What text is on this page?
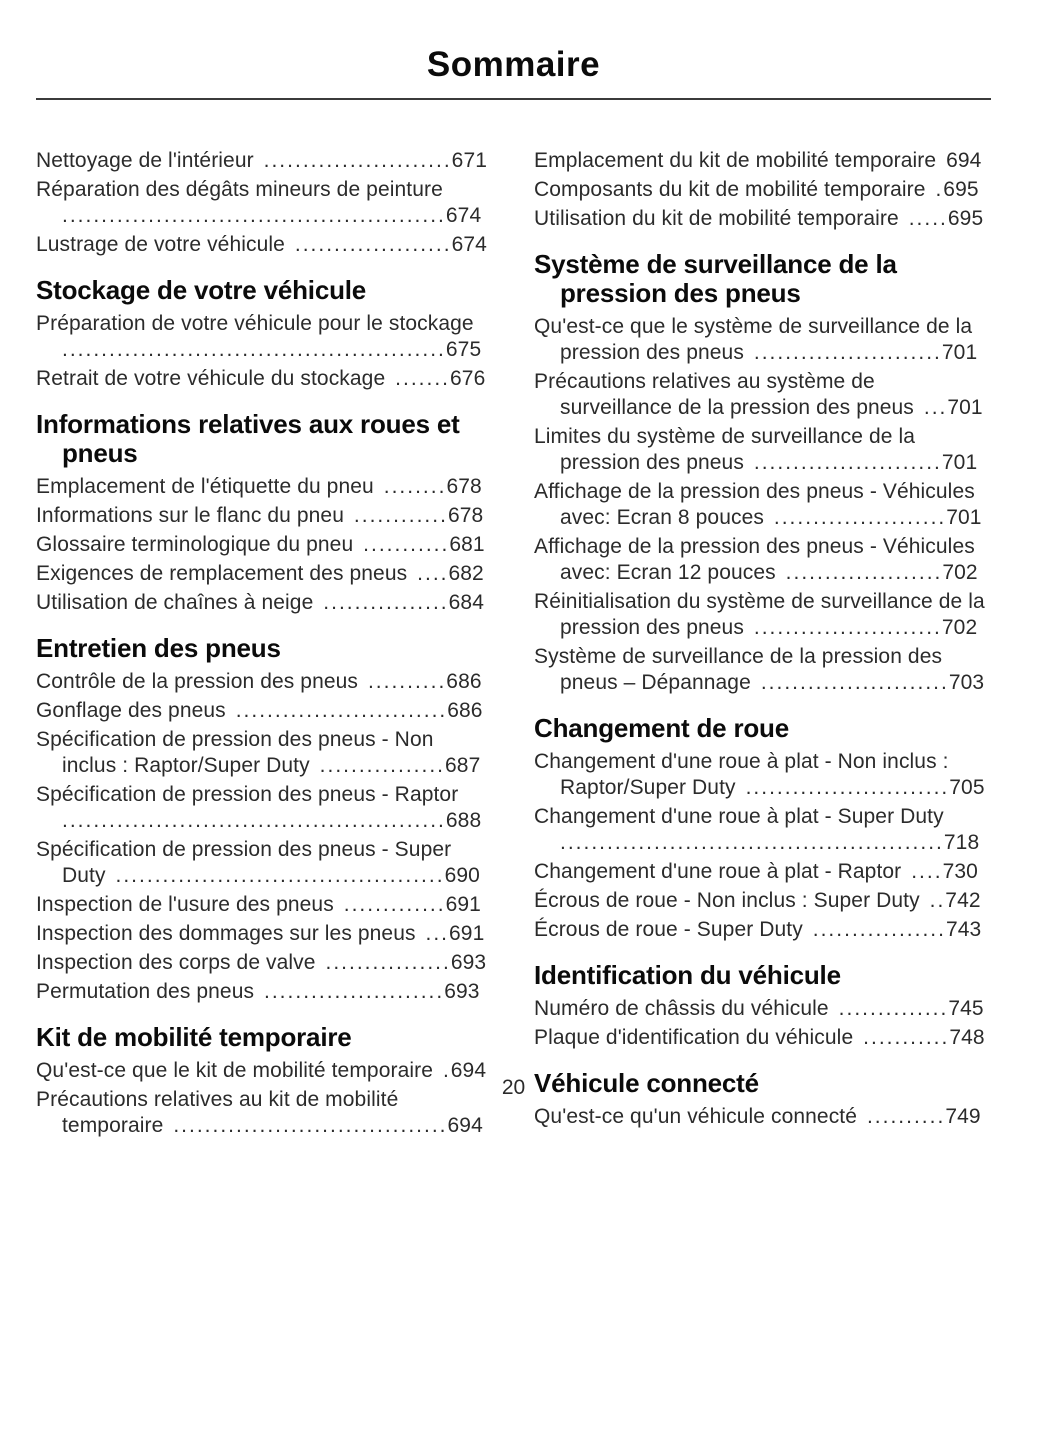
Sommaire
Nettoyage de l'intérieur ........................671
Réparation des dégâts mineurs de peinture .................................................674
Lustrage de votre véhicule ....................674
Stockage de votre véhicule
Préparation de votre véhicule pour le stockage .................................................675
Retrait de votre véhicule du stockage .......676
Informations relatives aux roues et pneus
Emplacement de l'étiquette du pneu ........678
Informations sur le flanc du pneu ............678
Glossaire terminologique du pneu ...........681
Exigences de remplacement des pneus ....682
Utilisation de chaînes à neige ................684
Entretien des pneus
Contrôle de la pression des pneus ..........686
Gonflage des pneus ...........................686
Spécification de pression des pneus - Non inclus : Raptor/Super Duty ................687
Spécification de pression des pneus - Raptor .................................................688
Spécification de pression des pneus - Super Duty ..........................................690
Inspection de l'usure des pneus .............691
Inspection des dommages sur les pneus ...691
Inspection des corps de valve ................693
Permutation des pneus .......................693
Kit de mobilité temporaire
Qu'est-ce que le kit de mobilité temporaire .694
Précautions relatives au kit de mobilité temporaire ...................................694
Emplacement du kit de mobilité temporaire 694
Composants du kit de mobilité temporaire .695
Utilisation du kit de mobilité temporaire .....695
Système de surveillance de la pression des pneus
Qu'est-ce que le système de surveillance de la pression des pneus ........................701
Précautions relatives au système de surveillance de la pression des pneus ...701
Limites du système de surveillance de la pression des pneus ........................701
Affichage de la pression des pneus - Véhicules avec: Ecran 8 pouces ......................701
Affichage de la pression des pneus - Véhicules avec: Ecran 12 pouces ....................702
Réinitialisation du système de surveillance de la pression des pneus ........................702
Système de surveillance de la pression des pneus – Dépannage ........................703
Changement de roue
Changement d'une roue à plat - Non inclus : Raptor/Super Duty ..........................705
Changement d'une roue à plat - Super Duty .................................................718
Changement d'une roue à plat - Raptor ....730
Écrous de roue - Non inclus : Super Duty ..742
Écrous de roue - Super Duty .................743
Identification du véhicule
Numéro de châssis du véhicule ..............745
Plaque d'identification du véhicule ...........748
Véhicule connecté
Qu'est-ce qu'un véhicule connecté ..........749
20
